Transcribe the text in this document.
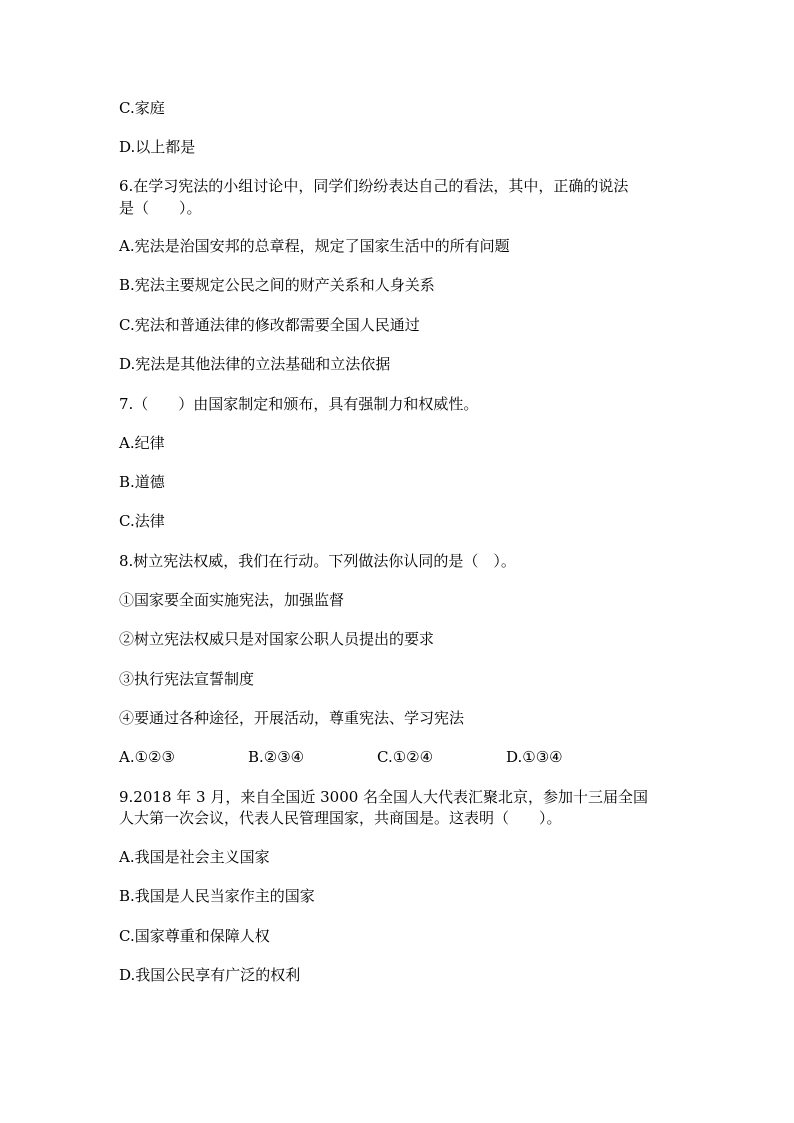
C.家庭
D.以上都是
6.在学习宪法的小组讨论中，同学们纷纷表达自己的看法，其中，正确的说法
是（　　）。
A.宪法是治国安邦的总章程，规定了国家生活中的所有问题
B.宪法主要规定公民之间的财产关系和人身关系
C.宪法和普通法律的修改都需要全国人民通过
D.宪法是其他法律的立法基础和立法依据
7.（　　）由国家制定和颁布，具有强制力和权威性。
A.纪律
B.道德
C.法律
8.树立宪法权威，我们在行动。下列做法你认同的是（　）。
①国家要全面实施宪法，加强监督
②树立宪法权威只是对国家公职人员提出的要求
③执行宪法宣誓制度
④要通过各种途径，开展活动，尊重宪法、学习宪法
A.①②③	B.②③④	C.①②④	D.①③④
9.2018 年 3 月，来自全国近 3000 名全国人大代表汇聚北京，参加十三届全国
人大第一次会议，代表人民管理国家，共商国是。这表明（　　）。
A.我国是社会主义国家
B.我国是人民当家作主的国家
C.国家尊重和保障人权
D.我国公民享有广泛的权利
